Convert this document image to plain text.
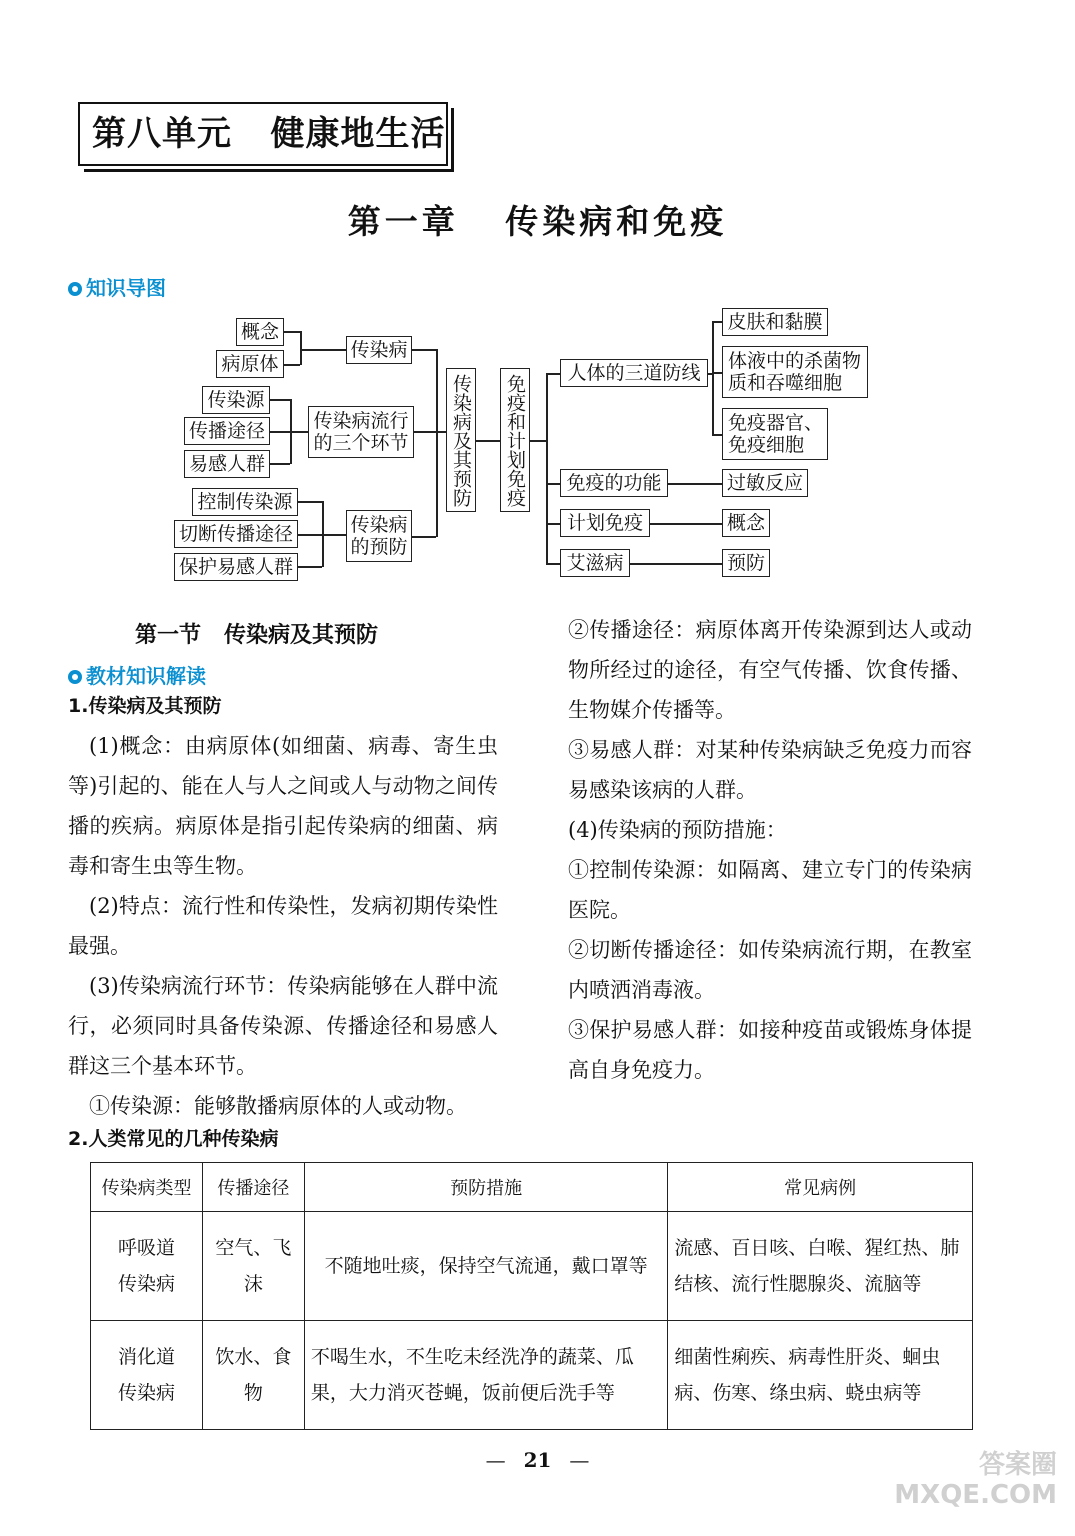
第八单元   健康地生活
第一章   传染病和免疫
知识导图
概念
病原体
传染病
传染源
传播途径
易感人群
传染病流行的三个环节
控制传染源
切断传播途径
保护易感人群
传染病的预防
传染病及其预防 免疫和计划免疫
人体的三道防线
皮肤和黏膜
体液中的杀菌物质和吞噬细胞
免疫器官、免疫细胞
免疫的功能	过敏反应
计划免疫	概念
艾滋病	预防
第一节   传染病及其预防
教材知识解读

1.传染病及其预防

(1)概念：由病原体(如细菌、病毒、寄生虫等)引起的、能在人与人之间或人与动物之间传播的疾病。病原体是指引起传染病的细菌、病毒和寄生虫等生物。

(2)特点：流行性和传染性，发病初期传染性最强。

(3)传染病流行环节：传染病能够在人群中流行，必须同时具备传染源、传播途径和易感人群这三个基本环节。

①传染源：能够散播病原体的人或动物。

②传播途径：病原体离开传染源到达人或动物所经过的途径，有空气传播、饮食传播、生物媒介传播等。

③易感人群：对某种传染病缺乏免疫力而容易感染该病的人群。

(4)传染病的预防措施：

①控制传染源：如隔离、建立专门的传染病医院。

②切断传播途径：如传染病流行期，在教室内喷洒消毒液。

③保护易感人群：如接种疫苗或锻炼身体提高自身免疫力。

2.人类常见的几种传染病
传染病类型	传播途径	预防措施	常见病例
呼吸道传染病	空气、飞沫	不随地吐痰，保持空气流通，戴口罩等	流感、百日咳、白喉、猩红热、肺结核、流行性腮腺炎、流脑等
消化道传染病	饮水、食物	不喝生水，不生吃未经洗净的蔬菜、瓜果，大力消灭苍蝇，饭前便后洗手等	细菌性痢疾、病毒性肝炎、蛔虫病、伤寒、绦虫病、蛲虫病等
— 21 —	答案圈 MXQE.COM
